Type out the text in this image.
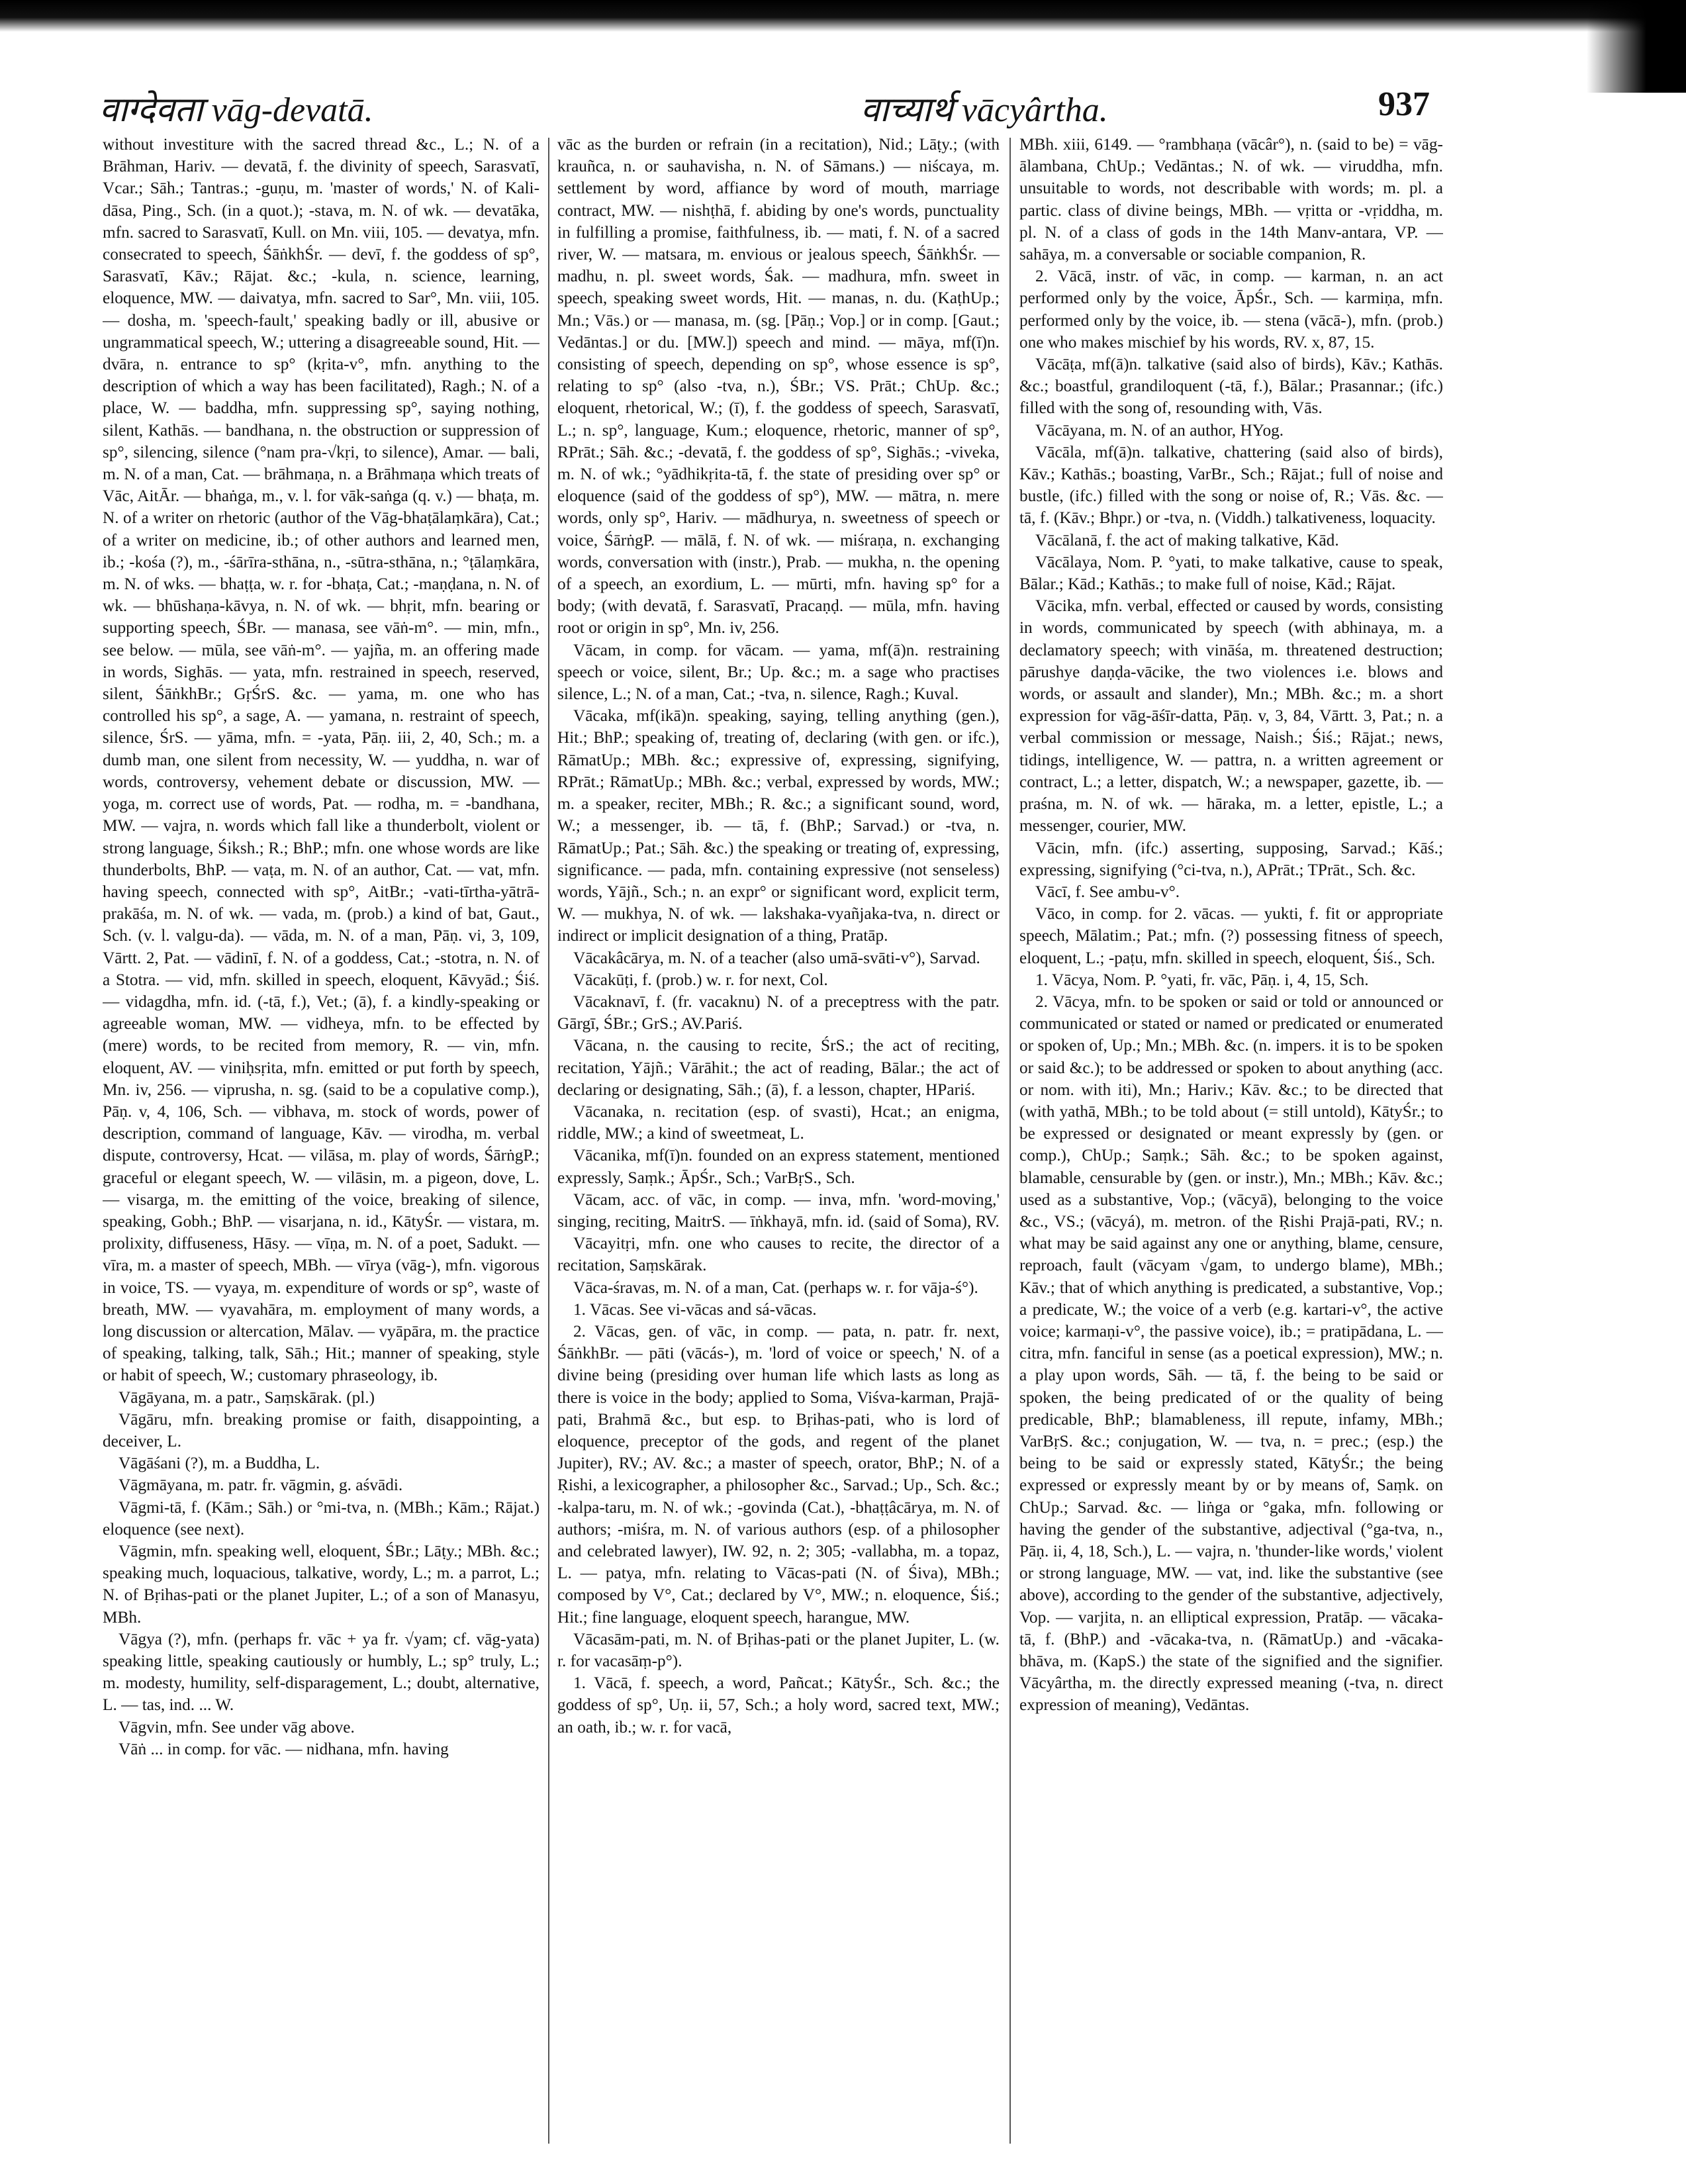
वाग्देवता vāg-devatā.	वाच्यार्थ vācyârtha.	937

without investiture with the sacred thread &c., L.; N. of a Brāhman, Hariv. — devatā, f. the divinity of speech, Sarasvatī, Vcar.; Sāh.; Tantras.; -guṇu, m. 'master of words,' N. of Kali-dāsa, Ping., Sch. (in a quot.); -stava, m. N. of wk. — devatāka, mfn. sacred to Sarasvatī, Kull. on Mn. viii, 105. — devatya, mfn. consecrated to speech, ŚāṅkhŚr. — devī, f. the goddess of sp°, Sarasvatī, Kāv.; Rājat. &c.; -kula, n. science, learning, eloquence, MW. — daivatya, mfn. sacred to Sar°, Mn. viii, 105. — dosha, m. 'speech-fault,' speaking badly or ill, abusive or ungrammatical speech, W.; uttering a disagreeable sound, Hit. — dvāra, n. entrance to sp° (kṛita-v°, mfn. anything to the description of which a way has been facilitated), Ragh.; N. of a place, W. — baddha, mfn. suppressing sp°, saying nothing, silent, Kathās. — bandhana, n. the obstruction or suppression of sp°, silencing, silence (°nam pra-√kṛi, to silence), Amar. — bali, m. N. of a man, Cat. — brāhmaṇa, n. a Brāhmaṇa which treats of Vāc, AitĀr. — bhaṅga, m., v. l. for vāk-saṅga (q. v.) — bhaṭa, m. N. of a writer on rhetoric (author of the Vāg-bhaṭālaṃkāra), Cat.; of a writer on medicine, ib.; of other authors and learned men, ib.; -kośa (?), m., -śārīra-sthāna, n., -sūtra-sthāna, n.; °ṭālaṃkāra, m. N. of wks. — bhaṭṭa, w. r. for -bhaṭa, Cat.; -maṇḍana, n. N. of wk. — bhūshaṇa-kāvya, n. N. of wk. — bhṛit, mfn. bearing or supporting speech, ŚBr. — manasa, see vāṅ-m°. — min, mfn., see below. — mūla, see vāṅ-m°. — yajña, m. an offering made in words, Sighās. — yata, mfn. restrained in speech, reserved, silent, ŚāṅkhBr.; GṛŚrS. &c. — yama, m. one who has controlled his sp°, a sage, A. — yamana, n. restraint of speech, silence, ŚrS. — yāma, mfn. = -yata, Pāṇ. iii, 2, 40, Sch.; m. a dumb man, one silent from necessity, W. — yuddha, n. war of words, controversy, vehement debate or discussion, MW. — yoga, m. correct use of words, Pat. — rodha, m. = -bandhana, MW. — vajra, n. words which fall like a thunderbolt, violent or strong language, Śiksh.; R.; BhP.; mfn. one whose words are like thunderbolts, BhP. — vaṭa, m. N. of an author, Cat. — vat, mfn. having speech, connected with sp°, AitBr.; -vati-tīrtha-yātrā-prakāśa, m. N. of wk. — vada, m. (prob.) a kind of bat, Gaut., Sch. (v. l. valgu-da). — vāda, m. N. of a man, Pāṇ. vi, 3, 109, Vārtt. 2, Pat. — vādinī, f. N. of a goddess, Cat.; -stotra, n. N. of a Stotra. — vid, mfn. skilled in speech, eloquent, Kāvyād.; Śiś. — vidagdha, mfn. id. (-tā, f.), Vet.; (ā), f. a kindly-speaking or agreeable woman, MW. — vidheya, mfn. to be effected by (mere) words, to be recited from memory, R. — vin, mfn. eloquent, AV. — viniḥsṛita, mfn. emitted or put forth by speech, Mn. iv, 256. — viprusha, n. sg. (said to be a copulative comp.), Pāṇ. v, 4, 106, Sch. — vibhava, m. stock of words, power of description, command of language, Kāv. — virodha, m. verbal dispute, controversy, Hcat. — vilāsa, m. play of words, ŚārṅgP.; graceful or elegant speech, W. — vilāsin, m. a pigeon, dove, L. — visarga, m. the emitting of the voice, breaking of silence, speaking, Gobh.; BhP. — visarjana, n. id., KātyŚr. — vistara, m. prolixity, diffuseness, Hāsy. — vīṇa, m. N. of a poet, Sadukt. — vīra, m. a master of speech, MBh. — vīrya (vāg-), mfn. vigorous in voice, TS. — vyaya, m. expenditure of words or sp°, waste of breath, MW. — vyavahāra, m. employment of many words, a long discussion or altercation, Mālav. — vyāpāra, m. the practice of speaking, talking, talk, Sāh.; Hit.; manner of speaking, style or habit of speech, W.; customary phraseology, ib.

Vāgāyana, m. a patr., Saṃskārak. (pl.)

Vāgāru, mfn. breaking promise or faith, disappointing, a deceiver, L.

Vāgāśani (?), m. a Buddha, L.

Vāgmāyana, m. patr. fr. vāgmin, g. aśvādi.

Vāgmi-tā, f. (Kām.; Sāh.) or °mi-tva, n. (MBh.; Kām.; Rājat.) eloquence (see next).

Vāgmin, mfn. speaking well, eloquent, ŚBr.; Lāṭy.; MBh. &c.; speaking much, loquacious, talkative, wordy, L.; m. a parrot, L.; N. of Bṛihas-pati or the planet Jupiter, L.; of a son of Manasyu, MBh.

Vāgya (?), mfn. (perhaps fr. vāc + ya fr. √yam; cf. vāg-yata) speaking little, speaking cautiously or humbly, L.; sp° truly, L.; m. modesty, humility, self-disparagement, L.; doubt, alternative, L. — tas, ind. ... W.

Vāgvin, mfn. See under vāg above.

Vāṅ ... in comp. for vāc. — nidhana, mfn. having

vāc as the burden or refrain (in a recitation), Nid.; Lāṭy.; (with krauñca, n. or sauhavisha, n. N. of Sāmans.) — niścaya, m. settlement by word, affiance by word of mouth, marriage contract, MW. — nishṭhā, f. abiding by one's words, punctuality in fulfilling a promise, faithfulness, ib. — mati, f. N. of a sacred river, W. — matsara, m. envious or jealous speech, ŚāṅkhŚr. — madhu, n. pl. sweet words, Śak. — madhura, mfn. sweet in speech, speaking sweet words, Hit. — manas, n. du. (KaṭhUp.; Mn.; Vās.) or — manasa, m. (sg. [Pāṇ.; Vop.] or in comp. [Gaut.; Vedāntas.] or du. [MW.]) speech and mind. — māya, mf(ī)n. consisting of speech, depending on sp°, whose essence is sp°, relating to sp° (also -tva, n.), ŚBr.; VS. Prāt.; ChUp. &c.; eloquent, rhetorical, W.; (ī), f. the goddess of speech, Sarasvatī, L.; n. sp°, language, Kum.; eloquence, rhetoric, manner of sp°, RPrāt.; Sāh. &c.; -devatā, f. the goddess of sp°, Sighās.; -viveka, m. N. of wk.; °yādhikṛita-tā, f. the state of presiding over sp° or eloquence (said of the goddess of sp°), MW. — mātra, n. mere words, only sp°, Hariv. — mādhurya, n. sweetness of speech or voice, ŚārṅgP. — mālā, f. N. of wk. — miśraṇa, n. exchanging words, conversation with (instr.), Prab. — mukha, n. the opening of a speech, an exordium, L. — mūrti, mfn. having sp° for a body; (with devatā, f. Sarasvatī, Pracaṇḍ. — mūla, mfn. having root or origin in sp°, Mn. iv, 256.

Vācam, in comp. for vācam. — yama, mf(ā)n. restraining speech or voice, silent, Br.; Up. &c.; m. a sage who practises silence, L.; N. of a man, Cat.; -tva, n. silence, Ragh.; Kuval.

Vācaka, mf(ikā)n. speaking, saying, telling anything (gen.), Hit.; BhP.; speaking of, treating of, declaring (with gen. or ifc.), RāmatUp.; MBh. &c.; expressive of, expressing, signifying, RPrāt.; RāmatUp.; MBh. &c.; verbal, expressed by words, MW.; m. a speaker, reciter, MBh.; R. &c.; a significant sound, word, W.; a messenger, ib. — tā, f. (BhP.; Sarvad.) or -tva, n. RāmatUp.; Pat.; Sāh. &c.) the speaking or treating of, expressing, significance. — pada, mfn. containing expressive (not senseless) words, Yājñ., Sch.; n. an expr° or significant word, explicit term, W. — mukhya, N. of wk. — lakshaka-vyañjaka-tva, n. direct or indirect or implicit designation of a thing, Pratāp.

Vācakâcārya, m. N. of a teacher (also umā-svāti-v°), Sarvad.

Vācakūṭi, f. (prob.) w. r. for next, Col.

Vācaknavī, f. (fr. vacaknu) N. of a preceptress with the patr. Gārgī, ŚBr.; GrS.; AV.Pariś.

Vācana, n. the causing to recite, ŚrS.; the act of reciting, recitation, Yājñ.; Vārāhit.; the act of reading, Bālar.; the act of declaring or designating, Sāh.; (ā), f. a lesson, chapter, HPariś.

Vācanaka, n. recitation (esp. of svasti), Hcat.; an enigma, riddle, MW.; a kind of sweetmeat, L.

Vācanika, mf(ī)n. founded on an express statement, mentioned expressly, Saṃk.; ĀpŚr., Sch.; VarBṛS., Sch.

Vācam, acc. of vāc, in comp. — inva, mfn. 'word-moving,' singing, reciting, MaitrS. — īṅkhayā, mfn. id. (said of Soma), RV.

Vācayitṛi, mfn. one who causes to recite, the director of a recitation, Saṃskārak.

Vāca-śravas, m. N. of a man, Cat. (perhaps w. r. for vāja-ś°).

1. Vācas. See vi-vācas and sá-vācas.

2. Vācas, gen. of vāc, in comp. — pata, n. patr. fr. next, ŚāṅkhBr. — pāti (vācás-), m. 'lord of voice or speech,' N. of a divine being (presiding over human life which lasts as long as there is voice in the body; applied to Soma, Viśva-karman, Prajā-pati, Brahmā &c., but esp. to Bṛihas-pati, who is lord of eloquence, preceptor of the gods, and regent of the planet Jupiter), RV.; AV. &c.; a master of speech, orator, BhP.; N. of a Ṛishi, a lexicographer, a philosopher &c., Sarvad.; Up., Sch. &c.; -kalpa-taru, m. N. of wk.; -govinda (Cat.), -bhaṭṭâcārya, m. N. of authors; -miśra, m. N. of various authors (esp. of a philosopher and celebrated lawyer), IW. 92, n. 2; 305; -vallabha, m. a topaz, L. — patya, mfn. relating to Vācas-pati (N. of Śiva), MBh.; composed by V°, Cat.; declared by V°, MW.; n. eloquence, Śiś.; Hit.; fine language, eloquent speech, harangue, MW.

Vācasām-pati, m. N. of Bṛihas-pati or the planet Jupiter, L. (w. r. for vacasāṃ-p°).

1. Vācā, f. speech, a word, Pañcat.; KātyŚr., Sch. &c.; the goddess of sp°, Uṇ. ii, 57, Sch.; a holy word, sacred text, MW.; an oath, ib.; w. r. for vacā,

MBh. xiii, 6149. — °rambhaṇa (vācâr°), n. (said to be) = vāg-ālambana, ChUp.; Vedāntas.; N. of wk. — viruddha, mfn. unsuitable to words, not describable with words; m. pl. a partic. class of divine beings, MBh. — vṛitta or -vṛiddha, m. pl. N. of a class of gods in the 14th Manv-antara, VP. — sahāya, m. a conversable or sociable companion, R.

2. Vācā, instr. of vāc, in comp. — karman, n. an act performed only by the voice, ĀpŚr., Sch. — karmiṇa, mfn. performed only by the voice, ib. — stena (vācā-), mfn. (prob.) one who makes mischief by his words, RV. x, 87, 15.

Vācāṭa, mf(ā)n. talkative (said also of birds), Kāv.; Kathās. &c.; boastful, grandiloquent (-tā, f.), Bālar.; Prasannar.; (ifc.) filled with the song of, resounding with, Vās.

Vācāyana, m. N. of an author, HYog.

Vācāla, mf(ā)n. talkative, chattering (said also of birds), Kāv.; Kathās.; boasting, VarBr., Sch.; Rājat.; full of noise and bustle, (ifc.) filled with the song or noise of, R.; Vās. &c. — tā, f. (Kāv.; Bhpr.) or -tva, n. (Viddh.) talkativeness, loquacity.

Vācālanā, f. the act of making talkative, Kād.

Vācālaya, Nom. P. °yati, to make talkative, cause to speak, Bālar.; Kād.; Kathās.; to make full of noise, Kād.; Rājat.

Vācika, mfn. verbal, effected or caused by words, consisting in words, communicated by speech (with abhinaya, m. a declamatory speech; with vināśa, m. threatened destruction; pārushye daṇḍa-vācike, the two violences i.e. blows and words, or assault and slander), Mn.; MBh. &c.; m. a short expression for vāg-āśīr-datta, Pāṇ. v, 3, 84, Vārtt. 3, Pat.; n. a verbal commission or message, Naish.; Śiś.; Rājat.; news, tidings, intelligence, W. — pattra, n. a written agreement or contract, L.; a letter, dispatch, W.; a newspaper, gazette, ib. — praśna, m. N. of wk. — hāraka, m. a letter, epistle, L.; a messenger, courier, MW.

Vācin, mfn. (ifc.) asserting, supposing, Sarvad.; Kāś.; expressing, signifying (°ci-tva, n.), APrāt.; TPrāt., Sch. &c.

Vācī, f. See ambu-v°.

Vāco, in comp. for 2. vācas. — yukti, f. fit or appropriate speech, Mālatim.; Pat.; mfn. (?) possessing fitness of speech, eloquent, L.; -paṭu, mfn. skilled in speech, eloquent, Śiś., Sch.

1. Vācya, Nom. P. °yati, fr. vāc, Pāṇ. i, 4, 15, Sch.

2. Vācya, mfn. to be spoken or said or told or announced or communicated or stated or named or predicated or enumerated or spoken of, Up.; Mn.; MBh. &c. (n. impers. it is to be spoken or said &c.); to be addressed or spoken to about anything (acc. or nom. with iti), Mn.; Hariv.; Kāv. &c.; to be directed that (with yathā, MBh.; to be told about (= still untold), KātyŚr.; to be expressed or designated or meant expressly by (gen. or comp.), ChUp.; Saṃk.; Sāh. &c.; to be spoken against, blamable, censurable by (gen. or instr.), Mn.; MBh.; Kāv. &c.; used as a substantive, Vop.; (vācyā), belonging to the voice &c., VS.; (vācyá), m. metron. of the Ṛishi Prajā-pati, RV.; n. what may be said against any one or anything, blame, censure, reproach, fault (vācyam √gam, to undergo blame), MBh.; Kāv.; that of which anything is predicated, a substantive, Vop.; a predicate, W.; the voice of a verb (e.g. kartari-v°, the active voice; karmaṇi-v°, the passive voice), ib.; = pratipādana, L. — citra, mfn. fanciful in sense (as a poetical expression), MW.; n. a play upon words, Sāh. — tā, f. the being to be said or spoken, the being predicated of or the quality of being predicable, BhP.; blamableness, ill repute, infamy, MBh.; VarBṛS. &c.; conjugation, W. — tva, n. = prec.; (esp.) the being to be said or expressly stated, KātyŚr.; the being expressed or expressly meant by or by means of, Saṃk. on ChUp.; Sarvad. &c. — liṅga or °gaka, mfn. following or having the gender of the substantive, adjectival (°ga-tva, n., Pāṇ. ii, 4, 18, Sch.), L. — vajra, n. 'thunder-like words,' violent or strong language, MW. — vat, ind. like the substantive (see above), according to the gender of the substantive, adjectively, Vop. — varjita, n. an elliptical expression, Pratāp. — vācaka-tā, f. (BhP.) and -vācaka-tva, n. (RāmatUp.) and -vācaka-bhāva, m. (KapS.) the state of the signified and the signifier. Vācyârtha, m. the directly expressed meaning (-tva, n. direct expression of meaning), Vedāntas.
